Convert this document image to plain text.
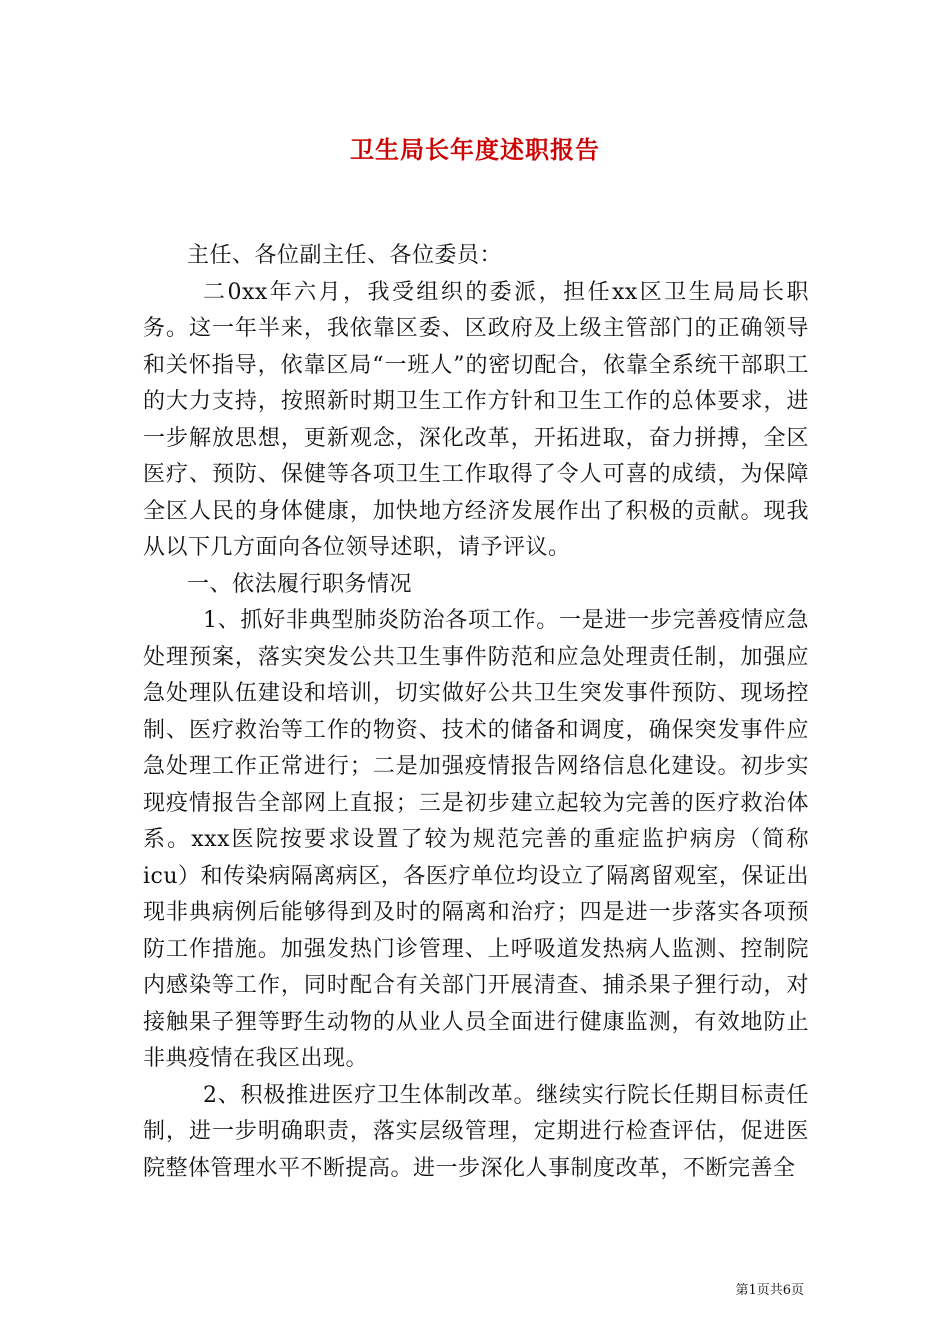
卫生局长年度述职报告

主任、各位副主任、各位委员：

二0xx年六月，我受组织的委派，担任xx区卫生局局长职务。这一年半来，我依靠区委、区政府及上级主管部门的正确领导和关怀指导，依靠区局“一班人”的密切配合，依靠全系统干部职工的大力支持，按照新时期卫生工作方针和卫生工作的总体要求，进一步解放思想，更新观念，深化改革，开拓进取，奋力拼搏，全区医疗、预防、保健等各项卫生工作取得了令人可喜的成绩，为保障全区人民的身体健康，加快地方经济发展作出了积极的贡献。现我从以下几方面向各位领导述职，请予评议。

一、依法履行职务情况

1、抓好非典型肺炎防治各项工作。一是进一步完善疫情应急处理预案，落实突发公共卫生事件防范和应急处理责任制，加强应急处理队伍建设和培训，切实做好公共卫生突发事件预防、现场控制、医疗救治等工作的物资、技术的储备和调度，确保突发事件应急处理工作正常进行；二是加强疫情报告网络信息化建设。初步实现疫情报告全部网上直报；三是初步建立起较为完善的医疗救治体系。xxx医院按要求设置了较为规范完善的重症监护病房（简称icu）和传染病隔离病区，各医疗单位均设立了隔离留观室，保证出现非典病例后能够得到及时的隔离和治疗；四是进一步落实各项预防工作措施。加强发热门诊管理、上呼吸道发热病人监测、控制院内感染等工作，同时配合有关部门开展清查、捕杀果子狸行动，对接触果子狸等野生动物的从业人员全面进行健康监测，有效地防止非典疫情在我区出现。

2、积极推进医疗卫生体制改革。继续实行院长任期目标责任制，进一步明确职责，落实层级管理，定期进行检查评估，促进医院整体管理水平不断提高。进一步深化人事制度改革，不断完善全

第1页共6页
